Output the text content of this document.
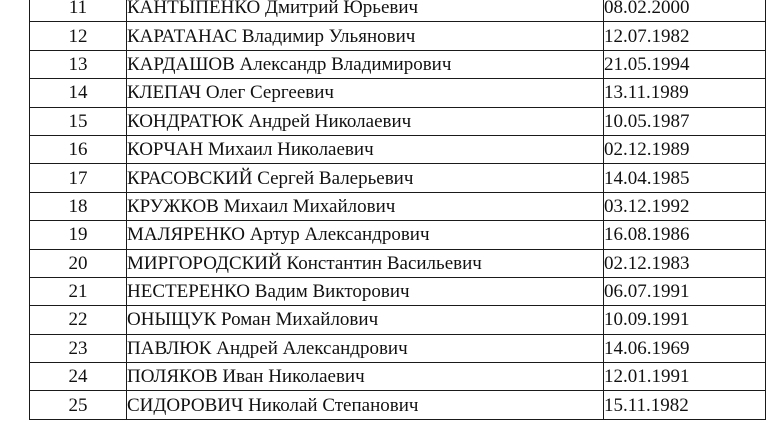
11	КАНТЫПЕНКО Дмитрий Юрьевич	08.02.2000
12	КАРАТАНАС Владимир Ульянович	12.07.1982
13	КАРДАШОВ Александр Владимирович	21.05.1994
14	КЛЕПАЧ Олег Сергеевич	13.11.1989
15	КОНДРАТЮК Андрей Николаевич	10.05.1987
16	КОРЧАН Михаил Николаевич	02.12.1989
17	КРАСОВСКИЙ Сергей Валерьевич	14.04.1985
18	КРУЖКОВ Михаил Михайлович	03.12.1992
19	МАЛЯРЕНКО Артур Александрович	16.08.1986
20	МИРГОРОДСКИЙ Константин Васильевич	02.12.1983
21	НЕСТЕРЕНКО Вадим Викторович	06.07.1991
22	ОНЫЩУК Роман Михайлович	10.09.1991
23	ПАВЛЮК Андрей Александрович	14.06.1969
24	ПОЛЯКОВ Иван Николаевич	12.01.1991
25	СИДОРОВИЧ Николай Степанович	15.11.1982
